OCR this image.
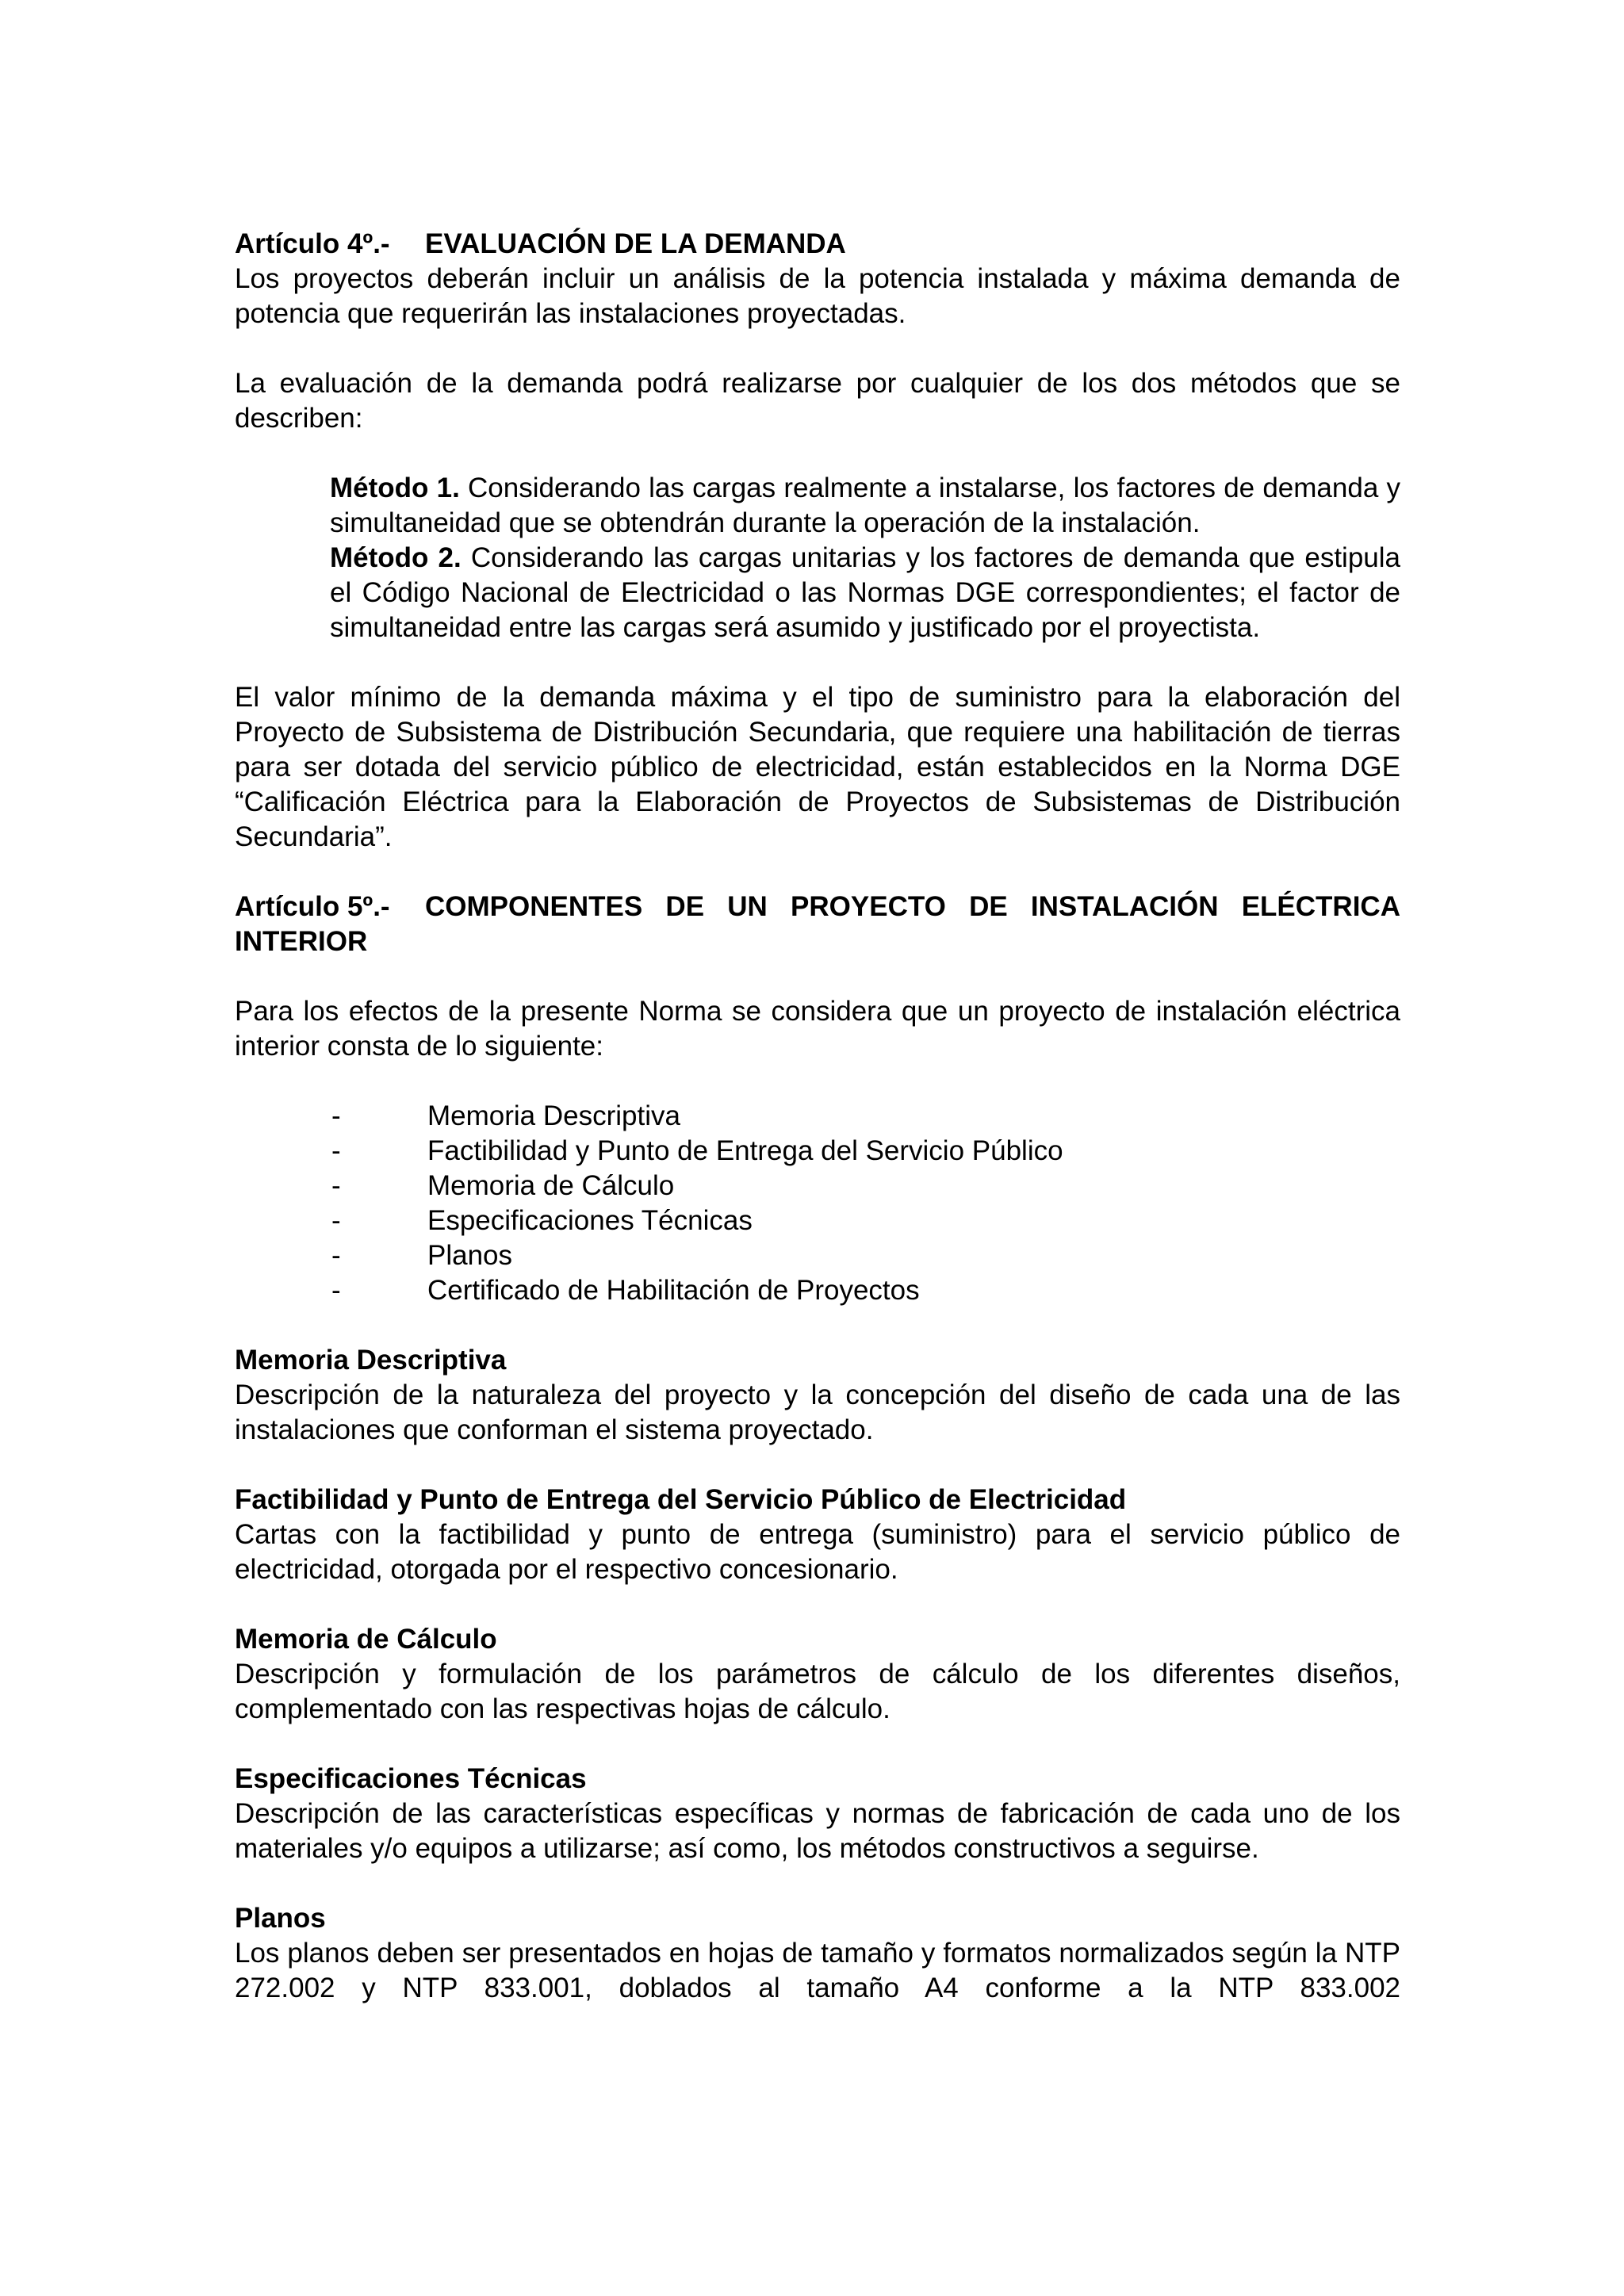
Artículo 4º.- EVALUACIÓN DE LA DEMANDA

Los proyectos deberán incluir un análisis de la potencia instalada y máxima demanda de potencia que requerirán las instalaciones proyectadas.

La evaluación de la demanda podrá realizarse por cualquier de los dos métodos que se describen:

Método 1. Considerando las cargas realmente a instalarse, los factores de demanda y simultaneidad que se obtendrán durante la operación de la instalación.

Método 2. Considerando las cargas unitarias y los factores de demanda que estipula el Código Nacional de Electricidad o las Normas DGE correspondientes; el factor de simultaneidad entre las cargas será asumido y justificado por el proyectista.

El valor mínimo de la demanda máxima y el tipo de suministro para la elaboración del Proyecto de Subsistema de Distribución Secundaria, que requiere una habilitación de tierras para ser dotada del servicio público de electricidad, están establecidos en la Norma DGE “Calificación Eléctrica para la Elaboración de Proyectos de Subsistemas de Distribución Secundaria”.

Artículo 5º.- COMPONENTES DE UN PROYECTO DE INSTALACIÓN ELÉCTRICA INTERIOR

Para los efectos de la presente Norma se considera que un proyecto de instalación eléctrica interior consta de lo siguiente:

-	Memoria Descriptiva
-	Factibilidad y Punto de Entrega del Servicio Público
-	Memoria de Cálculo
-	Especificaciones Técnicas
-	Planos
-	Certificado de Habilitación de Proyectos

Memoria Descriptiva

Descripción de la naturaleza del proyecto y la concepción del diseño de cada una de las instalaciones que conforman el sistema proyectado.

Factibilidad y Punto de Entrega del Servicio Público de Electricidad

Cartas con la factibilidad y punto de entrega (suministro) para el servicio público de electricidad, otorgada por el respectivo concesionario.

Memoria de Cálculo

Descripción y formulación de los parámetros de cálculo de los diferentes diseños, complementado con las respectivas hojas de cálculo.

Especificaciones Técnicas

Descripción de las características específicas y normas de fabricación de cada uno de los materiales y/o equipos a utilizarse; así como, los métodos constructivos a seguirse.

Planos

Los planos deben ser presentados en hojas de tamaño y formatos normalizados según la NTP 272.002 y NTP 833.001, doblados al tamaño A4 conforme a la NTP 833.002
